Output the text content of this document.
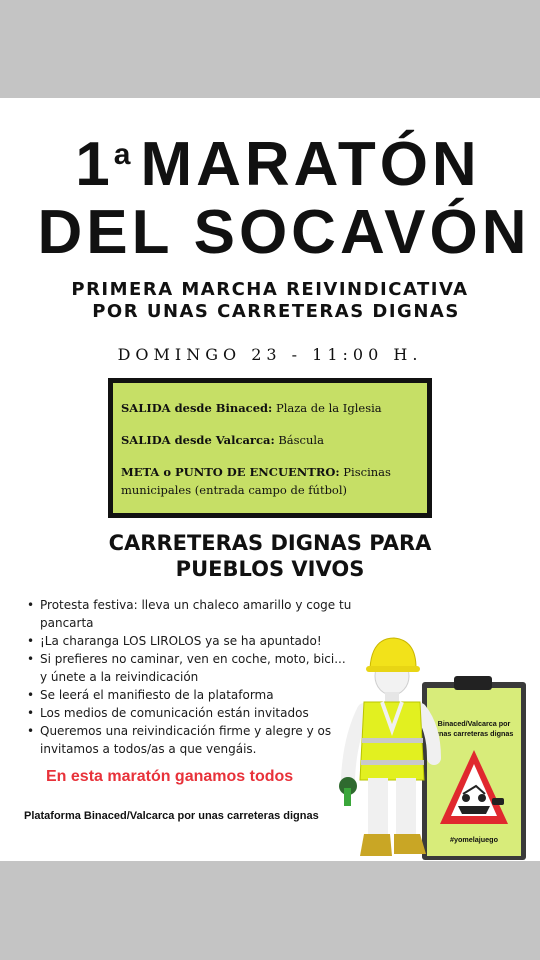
1$^a$MARATÓN
DEL SOCAVÓN
PRIMERA MARCHA REIVINDICATIVA
POR UNAS CARRETERAS DIGNAS
DOMINGO 23 - 11:00 H.
SALIDA desde Binaced: Plaza de la Iglesia
SALIDA desde Valcarca: Báscula
META o PUNTO DE ENCUENTRO: Piscinas municipales (entrada campo de fútbol)
CARRETERAS DIGNAS PARA
PUEBLOS VIVOS
• Protesta festiva: lleva un chaleco amarillo y coge tu pancarta
• ¡La charanga LOS LIROLOS ya se ha apuntado!
• Si prefieres no caminar, ven en coche, moto, bici... y únete a la reivindicación
• Se leerá el manifiesto de la plataforma
• Los medios de comunicación están invitados
• Queremos una reivindicación firme y alegre y os invitamos a todos/as a que vengáis.
En esta maratón ganamos todos
Plataforma Binaced/Valcarca por unas carreteras dignas
Binaced/Valcarca por
unas carreteras dignas
#yomelajuego
